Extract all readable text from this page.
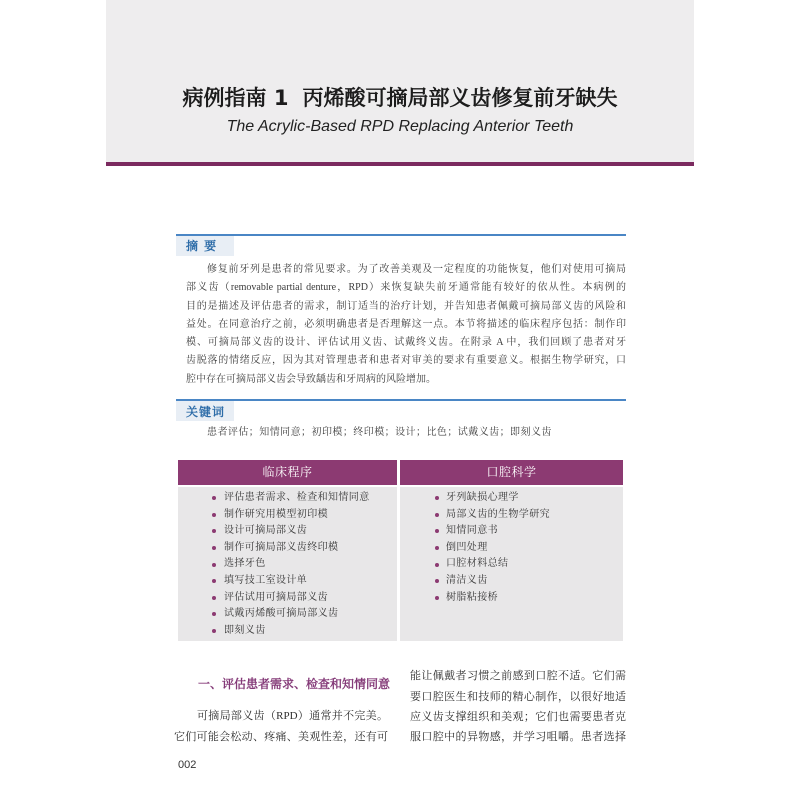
病例指南 1 丙烯酸可摘局部义齿修复前牙缺失
The Acrylic-Based RPD Replacing Anterior Teeth
摘 要
修复前牙列是患者的常见要求。为了改善美观及一定程度的功能恢复，他们对使用可摘局
部义齿（removable partial denture，RPD）来恢复缺失前牙通常能有较好的依从性。本病例的
目的是描述及评估患者的需求，制订适当的治疗计划，并告知患者佩戴可摘局部义齿的风险和
益处。在同意治疗之前，必须明确患者是否理解这一点。本节将描述的临床程序包括：制作印
模、可摘局部义齿的设计、评估试用义齿、试戴终义齿。在附录 A 中，我们回顾了患者对牙
齿脱落的情绪反应，因为其对管理患者和患者对审美的要求有重要意义。根据生物学研究，口
腔中存在可摘局部义齿会导致龋齿和牙周病的风险增加。
关键词
患者评估；知情同意；初印模；终印模；设计；比色；试戴义齿；即刻义齿
临床程序	口腔科学
评估患者需求、检查和知情同意
制作研究用模型初印模
设计可摘局部义齿
制作可摘局部义齿终印模
选择牙色
填写技工室设计单
评估试用可摘局部义齿
试戴丙烯酸可摘局部义齿
即刻义齿
牙列缺损心理学
局部义齿的生物学研究
知情同意书
倒凹处理
口腔材料总结
清洁义齿
树脂粘接桥
一、评估患者需求、检查和知情同意
可摘局部义齿（RPD）通常并不完美。
它们可能会松动、疼痛、美观性差，还有可
能让佩戴者习惯之前感到口腔不适。它们需
要口腔医生和技师的精心制作，以很好地适
应义齿支撑组织和美观；它们也需要患者克
服口腔中的异物感，并学习咀嚼。患者选择
002
